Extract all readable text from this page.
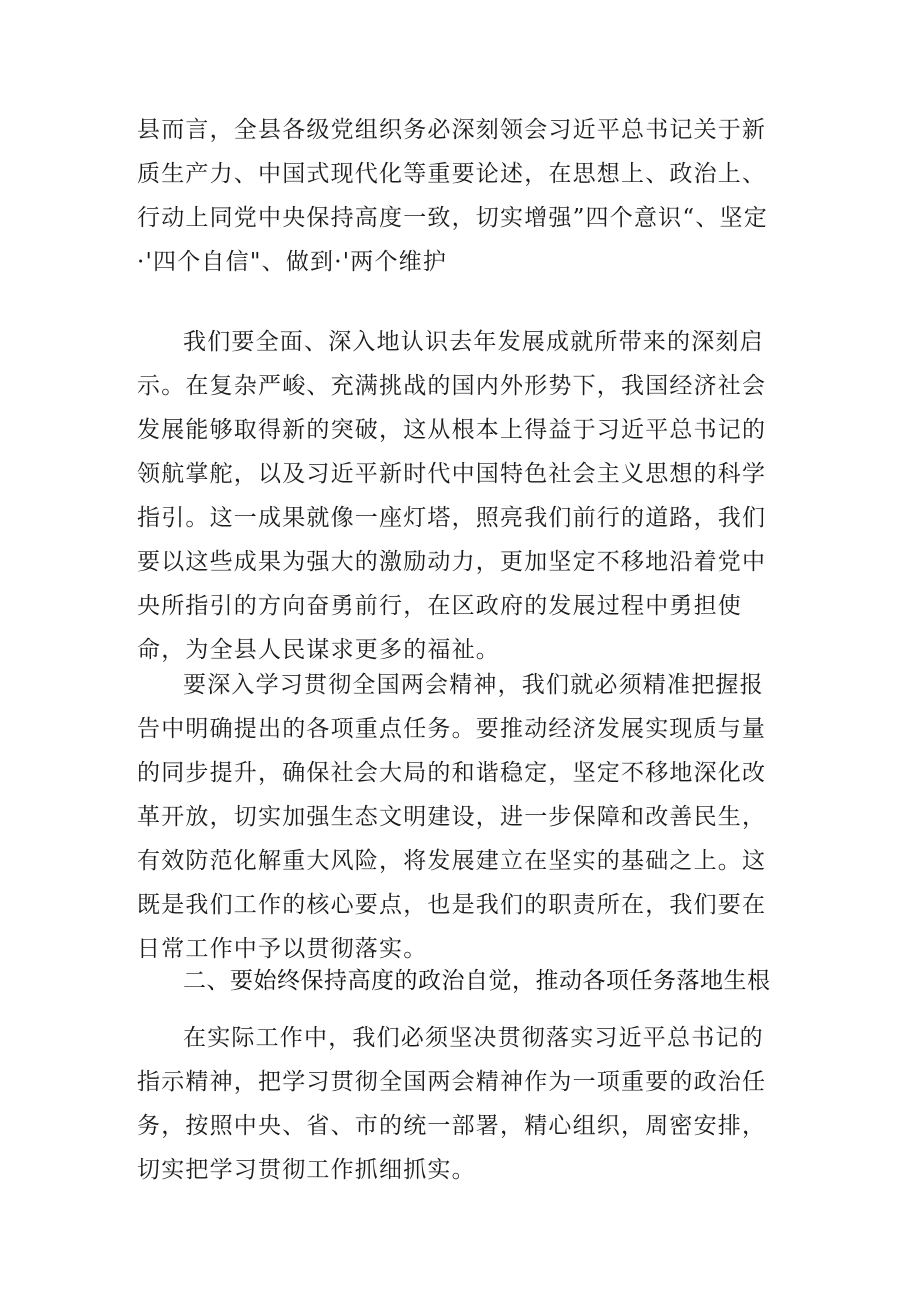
县而言，全县各级党组织务必深刻领会习近平总书记关于新质生产力、中国式现代化等重要论述，在思想上、政治上、行动上同党中央保持高度一致，切实增强”四个意识“、坚定·'四个自信"、做到·'两个维护

我们要全面、深入地认识去年发展成就所带来的深刻启示。在复杂严峻、充满挑战的国内外形势下，我国经济社会发展能够取得新的突破，这从根本上得益于习近平总书记的领航掌舵，以及习近平新时代中国特色社会主义思想的科学指引。这一成果就像一座灯塔，照亮我们前行的道路，我们要以这些成果为强大的激励动力，更加坚定不移地沿着党中央所指引的方向奋勇前行，在区政府的发展过程中勇担使命，为全县人民谋求更多的福祉。

要深入学习贯彻全国两会精神，我们就必须精准把握报告中明确提出的各项重点任务。要推动经济发展实现质与量的同步提升，确保社会大局的和谐稳定，坚定不移地深化改革开放，切实加强生态文明建设，进一步保障和改善民生，有效防范化解重大风险，将发展建立在坚实的基础之上。这既是我们工作的核心要点，也是我们的职责所在，我们要在日常工作中予以贯彻落实。

二、要始终保持高度的政治自觉，推动各项任务落地生根

在实际工作中，我们必须坚决贯彻落实习近平总书记的指示精神，把学习贯彻全国两会精神作为一项重要的政治任务，按照中央、省、市的统一部署，精心组织，周密安排，切实把学习贯彻工作抓细抓实。
